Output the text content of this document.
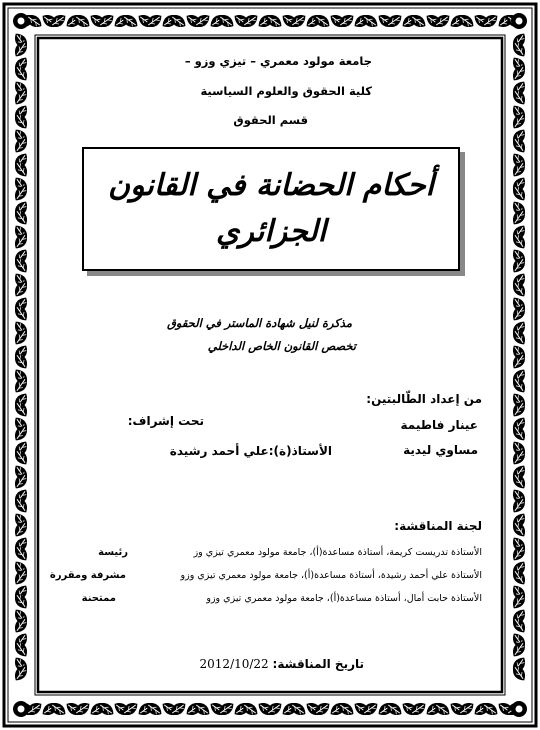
جامعة مولود معمري – تيزي وزو –
كلية الحقوق والعلوم السياسية
قسم الحقوق
أحكام الحضانة في القانون
الجزائري
مذكرة لنيل شهادة الماستر في الحقوق
تخصص القانون الخاص الداخلي
من إعداد الطّالبتين:
عينار فاطيمة
مساوي ليدية
تحت إشراف:
الأستاذ(ة):علي أحمد رشيدة
لجنة المناقشة:
الأستاذة تدريست كريمة، أستاذة مساعدة(أ)، جامعة مولود معمري تيزي وز
رئيسة
الأستاذة علي أحمد رشيدة، أستاذة مساعدة(أ)، جامعة مولود معمري تيزي وزو
مشرفة ومقررة
الأستاذة حابت أمال، أستاذة مساعدة(أ)، جامعة مولود معمري تيزي وزو
ممتحنة
تاريخ المناقشة: 2012/10/22
